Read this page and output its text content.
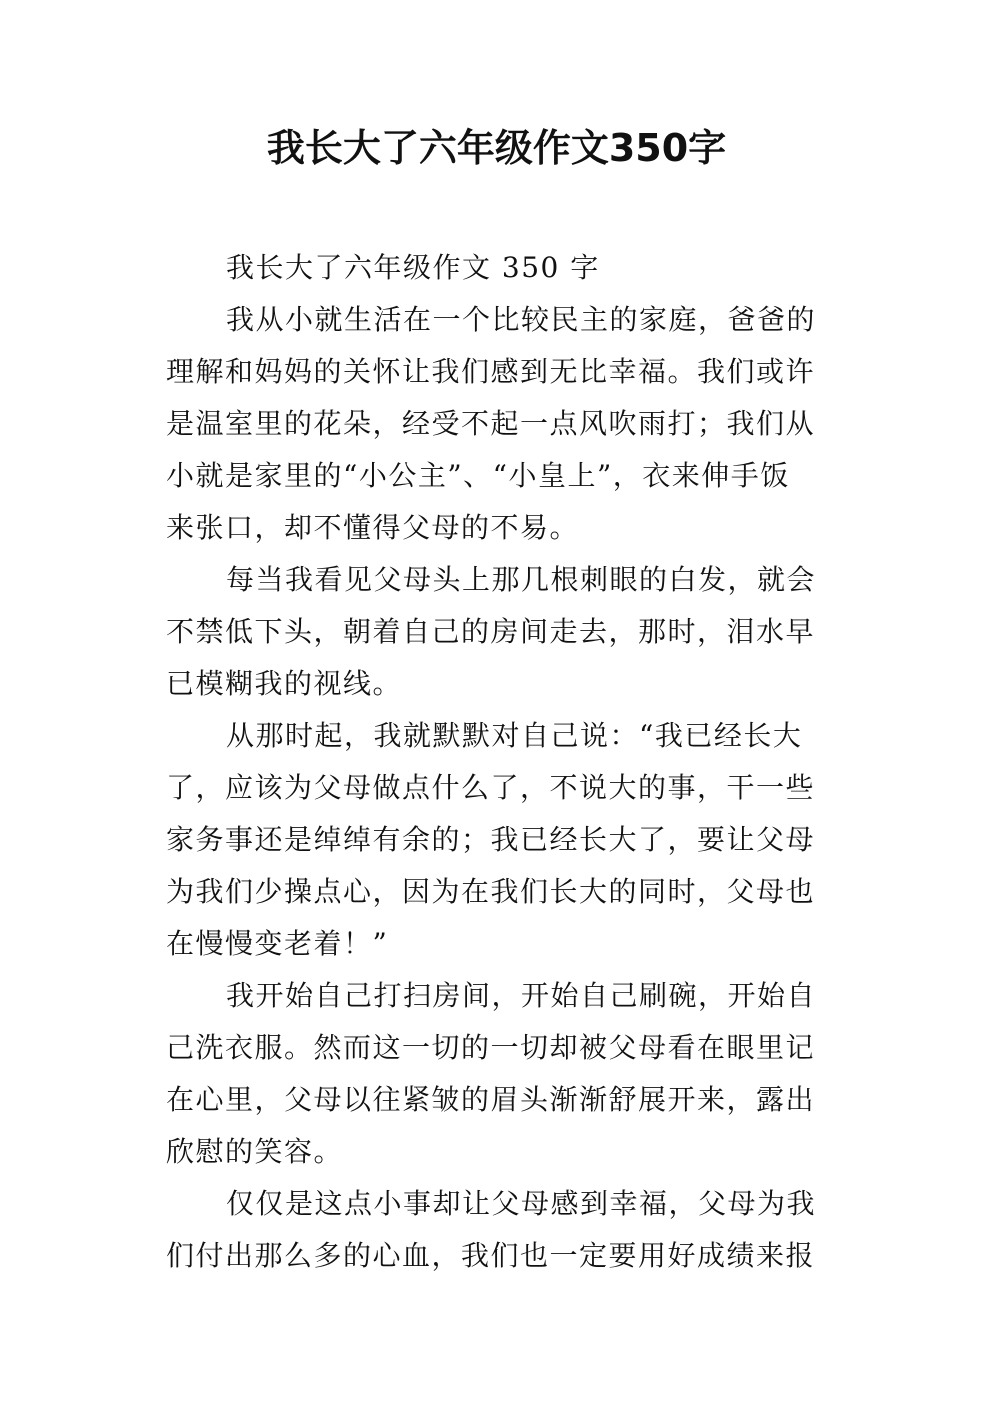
我长大了六年级作文350字
我长大了六年级作文 350 字
我从小就生活在一个比较民主的家庭，爸爸的
理解和妈妈的关怀让我们感到无比幸福。我们或许
是温室里的花朵，经受不起一点风吹雨打；我们从
小就是家里的“小公主”、“小皇上”，衣来伸手饭
来张口，却不懂得父母的不易。
每当我看见父母头上那几根刺眼的白发，就会
不禁低下头，朝着自己的房间走去，那时，泪水早
已模糊我的视线。
从那时起，我就默默对自己说：“我已经长大
了，应该为父母做点什么了，不说大的事，干一些
家务事还是绰绰有余的；我已经长大了，要让父母
为我们少操点心，因为在我们长大的同时，父母也
在慢慢变老着！”
我开始自己打扫房间，开始自己刷碗，开始自
己洗衣服。然而这一切的一切却被父母看在眼里记
在心里，父母以往紧皱的眉头渐渐舒展开来，露出
欣慰的笑容。
仅仅是这点小事却让父母感到幸福，父母为我
们付出那么多的心血，我们也一定要用好成绩来报
